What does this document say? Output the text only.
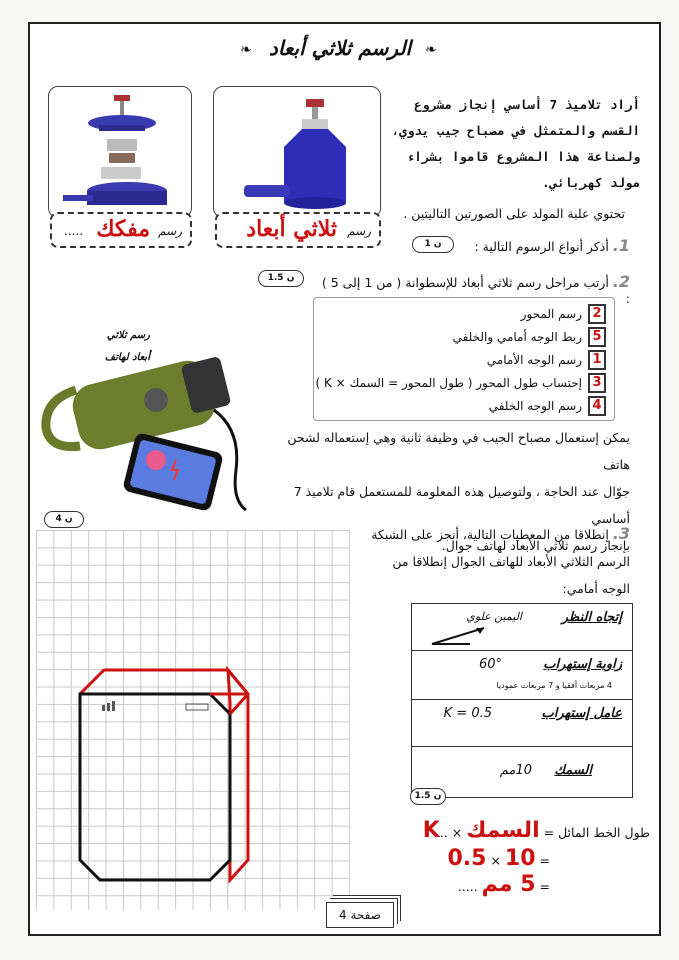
❧ الرسم ثلاثي أبعاد ❧
رسم
مفكك
.....	رسم
ثلاثي أبعاد
أراد تلاميذ 7 أساسي إنجاز مشروع القسم والمتمثل في مصباح جيب يدوي، ولصناعة هذا المشروع قاموا بشراء مولد كهربائي.
تحتوي علبة المولد على الصورتين التاليتين .
1. أذكر أنواع الرسوم التالية :
1 ن
2. أرتب مراحل رسم ثلاثي أبعاد للإسطوانة ( من 1 إلى 5 ) :
1.5 ن
2
رسم المحور
5
ربط الوجه أمامي والخلفي
1
رسم الوجه الأمامي
3
إحتساب طول المحور ( طول المحور = السمك × K )
4
رسم الوجه الخلفي
رسم ثلاثي
أبعاد لهاتف
يمكن إستعمال مصباح الجيب في وظيفة ثانية وهي إستعماله لشحن هاتف
جوّال عند الحاجة ، ولتوصيل هذه المعلومة للمستعمل قام تلاميذ 7 أساسي
بإنجاز رسم ثلاثي الأبعاد لهاتف جوال.
4 ن
3. إنطلاقا من المعطيات التالية، أنجز على الشبكة
الرسم الثلاثي الأبعاد للهاتف الجوال إنطلاقا من
الوجه أمامي:
إتجاه النظر
اليمين علوي
زاوية إستهراب
60°
4 مربعات أفقيا و 7 مربعات عموديا
عامل إستهراب
K = 0.5
السمك
10مم
1.5 ن
طول الخط المائل = السمك × ..K
= 10 × 0.5
= 5 مم .....
صفحة 4
